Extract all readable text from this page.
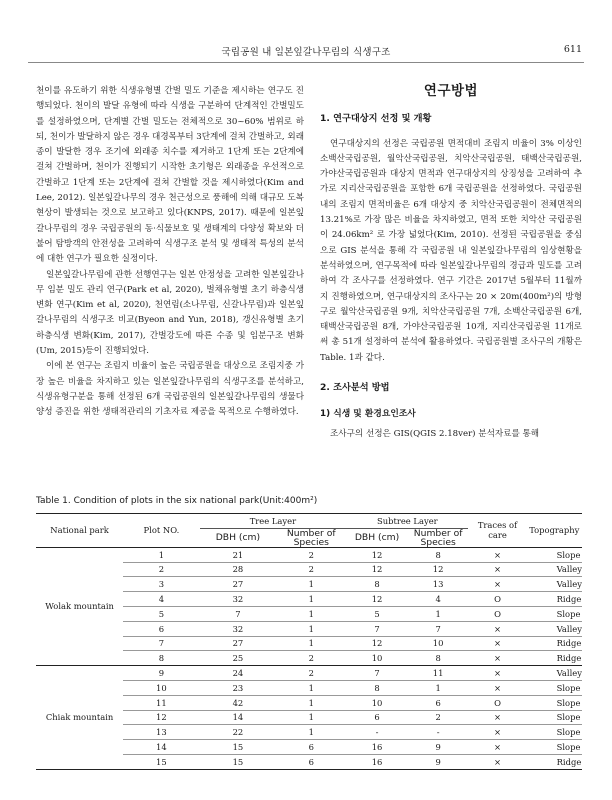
국립공원 내 일본잎갈나무림의 식생구조	611

천이를 유도하기 위한 식생유형별 간벌 밀도 기준을 제시하는 연구도 진행되었다. 천이의 발달 유형에 따라 식생을 구분하여 단계적인 간벌밀도를 설정하였으며, 단계별 간벌 밀도는 전체적으로 30~60% 범위로 하되, 천이가 발달하지 않은 경우 대경목부터 3단계에 걸쳐 간벌하고, 외래종이 발달한 경우 조기에 외래종 치수를 제거하고 1단계 또는 2단계에 걸쳐 간벌하며, 천이가 진행되기 시작한 초기형은 외래종을 우선적으로 간벌하고 1단계 또는 2단계에 걸쳐 간벌할 것을 제시하였다(Kim and Lee, 2012). 일본잎갈나무의 경우 천근성으로 풍해에 의해 대규모 도복현상이 발생되는 것으로 보고하고 있다(KNPS, 2017). 때문에 일본잎갈나무림의 경우 국립공원의 동·식물보호 및 생태계의 다양성 확보와 더불어 탐방객의 안전성을 고려하여 식생구조 분석 및 생태적 특성의 분석에 대한 연구가 필요한 실정이다.

일본잎갈나무림에 관한 선행연구는 일본 안정성을 고려한 일본잎갈나무 임분 밀도 관리 연구(Park et al, 2020), 벌채유형별 초기 하층식생 변화 연구(Kim et al, 2020), 천연림(소나무림, 신갈나무림)과 일본잎갈나무림의 식생구조 비교(Byeon and Yun, 2018), 갱신유형별 초기 하층식생 변화(Kim, 2017), 간벌강도에 따른 수종 및 임분구조 변화(Um, 2015)등이 진행되었다.

이에 본 연구는 조림지 비율이 높은 국립공원을 대상으로 조림지중 가장 높은 비율을 차지하고 있는 일본잎갈나무림의 식생구조를 분석하고, 식생유형구분을 통해 선정된 6개 국립공원의 일본잎갈나무림의 생물다양성 증진을 위한 생태적관리의 기초자료 제공을 목적으로 수행하였다.

연구방법
1. 연구대상지 선정 및 개황

연구대상지의 선정은 국립공원 면적대비 조림지 비율이 3% 이상인 소백산국립공원, 월악산국립공원, 치악산국립공원, 태백산국립공원, 가야산국립공원과 대상지 면적과 연구대상지의 상징성을 고려하여 추가로 지리산국립공원을 포함한 6개 국립공원을 선정하였다. 국립공원 내의 조림지 면적비율은 6개 대상지 중 치악산국립공원이 전체면적의 13.21%로 가장 많은 비율을 차지하였고, 면적 또한 치악산 국립공원이 24.06km² 로 가장 넓었다(Kim, 2010). 선정된 국립공원을 중심으로 GIS 분석을 통해 각 국립공원 내 일본잎갈나무림의 임상현황을 분석하였으며, 연구목적에 따라 일본잎갈나무림의 경급과 밀도를 고려하여 각 조사구를 선정하였다. 연구 기간은 2017년 5월부터 11월까지 진행하였으며, 연구대상지의 조사구는 20 × 20m(400m²)의 방형구로 월악산국립공원 9개, 치악산국립공원 7개, 소백산국립공원 6개, 태백산국립공원 8개, 가야산국립공원 10개, 지리산국립공원 11개로써 총 51개 설정하여 분석에 활용하였다. 국립공원별 조사구의 개황은 Table. 1과 같다.

2. 조사분석 방법
1) 식생 및 환경요인조사

조사구의 선정은 GIS(QGIS 2.18ver) 분석자료를 통해

Table 1. Condition of plots in the six national park(Unit:400m²)
National park	Plot NO.	Tree Layer		Subtree Layer		Traces of care	Topography
		DBH (cm)	Number of Species	DBH (cm)	Number of Species		
Wolak mountain	1	21	2	12	8	×	Slope
	2	28	2	12	12	×	Valley
	3	27	1	8	13	×	Valley
	4	32	1	12	4	O	Ridge
	5	7	1	5	1	O	Slope
	6	32	1	7	7	×	Valley
	7	27	1	12	10	×	Ridge
	8	25	2	10	8	×	Ridge
Chiak mountain	9	24	2	7	11	×	Valley
	10	23	1	8	1	×	Slope
	11	42	1	10	6	O	Slope
	12	14	1	6	2	×	Slope
	13	22	1	-	-	×	Slope
	14	15	6	16	9	×	Slope
	15	15	6	16	9	×	Ridge
